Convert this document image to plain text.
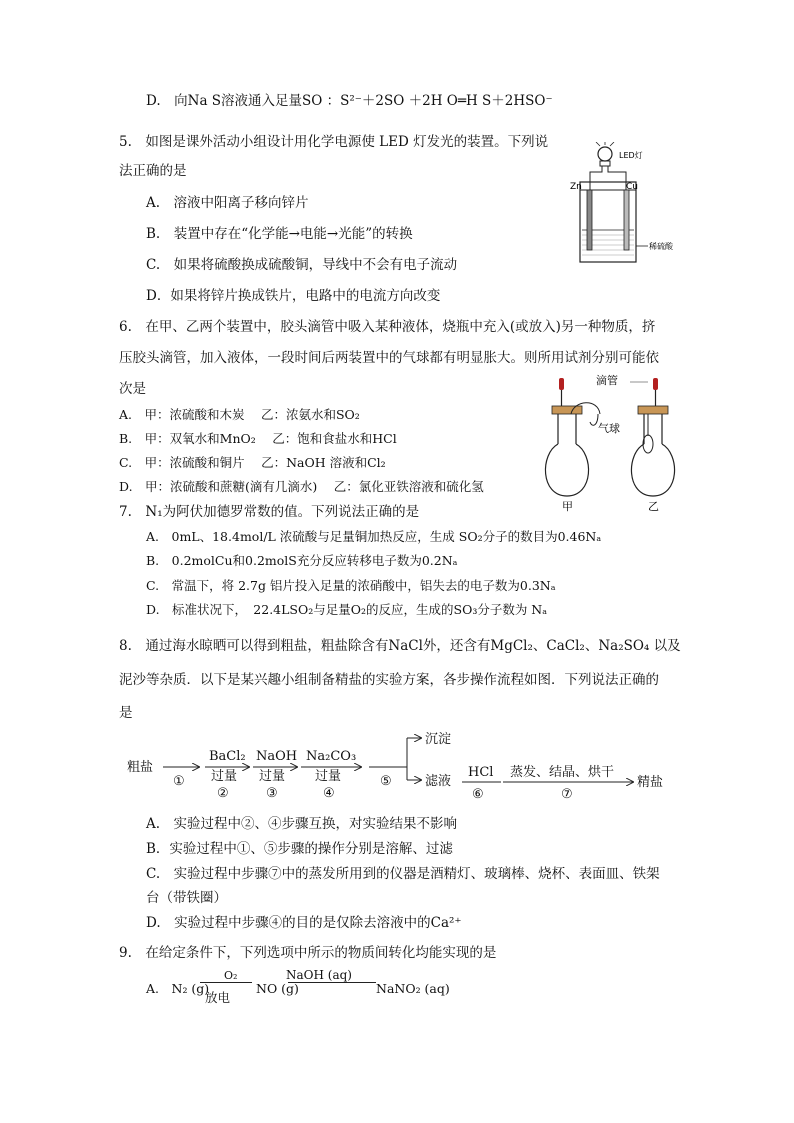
D.　向Na S溶液通入足量SO ：S²⁻＋2SO ＋2H O═H S＋2HSO⁻
5.　如图是课外活动小组设计用化学电源使 LED 灯发光的装置。下列说
法正确的是
A.　溶液中阳离子移向锌片
B.　装置中存在“化学能→电能→光能”的转换
C.　如果将硫酸换成硫酸铜，导线中不会有电子流动
D．如果将锌片换成铁片，电路中的电流方向改变
LED灯
Zn	Cu
稀硫酸
6.　在甲、乙两个装置中，胶头滴管中吸入某种液体，烧瓶中充入(或放入)另一种物质，挤
压胶头滴管，加入液体，一段时间后两装置中的气球都有明显胀大。则所用试剂分别可能依
次是
A.　甲：浓硫酸和木炭　 乙：浓氨水和SO₂
B.　甲：双氧水和MnO₂　 乙：饱和食盐水和HCl
C.　甲：浓硫酸和铜片　 乙：NaOH 溶液和Cl₂
D.　甲：浓硫酸和蔗糖(滴有几滴水)　 乙：氯化亚铁溶液和硫化氢
滴管
气球
甲	乙
7.　N₁为阿伏加德罗常数的值。下列说法正确的是
A.　0mL、18.4mol/L 浓硫酸与足量铜加热反应，生成 SO₂分子的数目为0.46Nₐ
B.　0.2molCu和0.2molS充分反应转移电子数为0.2Nₐ
C.　常温下，将 2.7g 铝片投入足量的浓硝酸中，铝失去的电子数为0.3Nₐ
D.　标准状况下，　22.4LSO₂与足量O₂的反应，生成的SO₃分子数为 Nₐ
8.　通过海水晾晒可以得到粗盐，粗盐除含有NaCl外，还含有MgCl₂、CaCl₂、Na₂SO₄ 以及
泥沙等杂质．以下是某兴趣小组制备精盐的实验方案，各步操作流程如图．下列说法正确的
是
粗盐
①
BaCl₂
过量
②
NaOH
过量
③
Na₂CO₃
过量
④
⑤
沉淀
滤液
HCl
⑥
蒸发、结晶、烘干
⑦
精盐
A.　实验过程中②、④步骤互换，对实验结果不影响
B．实验过程中①、⑤步骤的操作分别是溶解、过滤
C.　实验过程中步骤⑦中的蒸发所用到的仪器是酒精灯、玻璃棒、烧杯、表面皿、铁架
台（带铁圈）
D.　实验过程中步骤④的目的是仅除去溶液中的Ca²⁺
9.　在给定条件下，下列选项中所示的物质间转化均能实现的是
A.　N₂ (g)
O₂
放电
NO (g)
NaOH (aq)
NaNO₂ (aq)
